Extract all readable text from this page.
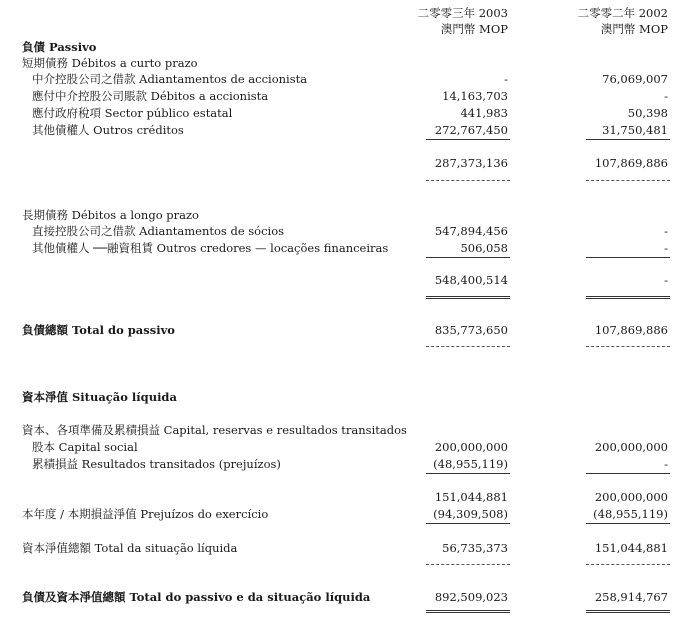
二零零三年 2003
澳門幣 MOP
二零零二年 2002
澳門幣 MOP
負債 Passivo
短期債務 Débitos a curto prazo
中介控股公司之借款 Adiantamentos de accionista	-	76,069,007
應付中介控股公司賬款 Débitos a accionista	14,163,703	-
應付政府稅項 Sector público estatal	441,983	50,398
其他債權人 Outros créditos	272,767,450	31,750,481
287,373,136	107,869,886
長期債務 Débitos a longo prazo
直接控股公司之借款 Adiantamentos de sócios	547,894,456	-
其他債權人 ──融資租賃 Outros credores — locações financeiras	506,058	-
548,400,514	-
負債總額 Total do passivo	835,773,650	107,869,886
資本淨值 Situação líquida
資本、各項準備及累積損益 Capital, reservas e resultados transitados
股本 Capital social	200,000,000	200,000,000
累積損益 Resultados transitados (prejuízos)	(48,955,119)	-
151,044,881	200,000,000
本年度 / 本期損益淨值 Prejuízos do exercício	(94,309,508)	(48,955,119)
資本淨值總額 Total da situação líquida	56,735,373	151,044,881
負債及資本淨值總額 Total do passivo e da situação líquida	892,509,023	258,914,767
